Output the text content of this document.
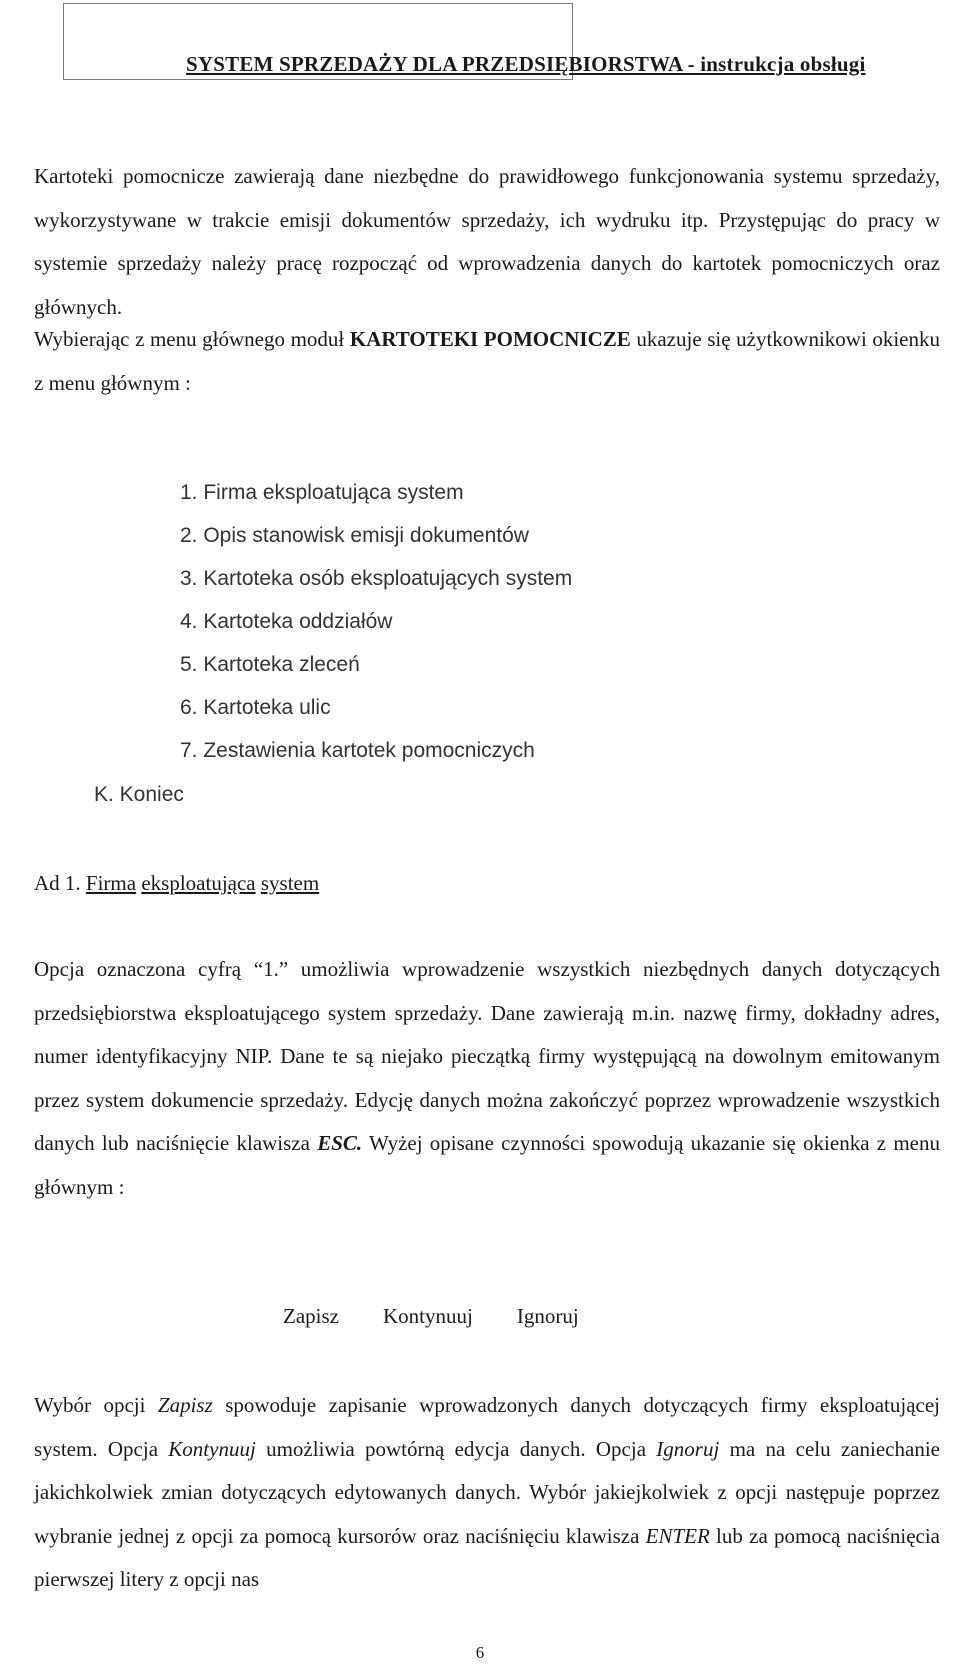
SYSTEM SPRZEDAŻY DLA PRZEDSIĘBIORSTWA - instrukcja obsługi

Kartoteki pomocnicze zawierają dane niezbędne do prawidłowego funkcjonowania systemu sprzedaży, wykorzystywane w trakcie emisji dokumentów sprzedaży, ich wydruku itp. Przystępując do pracy w systemie sprzedaży należy pracę rozpocząć od wprowadzenia danych do kartotek pomocniczych oraz głównych.

Wybierając z menu głównego moduł KARTOTEKI POMOCNICZE ukazuje się użytkownikowi okienku z menu głównym :

1. Firma eksploatująca system
2. Opis stanowisk emisji dokumentów
3. Kartoteka osób eksploatujących system
4. Kartoteka oddziałów
5. Kartoteka zleceń
6. Kartoteka ulic
7. Zestawienia kartotek pomocniczych

K. Koniec

Ad 1. Firma eksploatująca system

Opcja oznaczona cyfrą “1.” umożliwia wprowadzenie wszystkich niezbędnych danych dotyczących przedsiębiorstwa eksploatującego system sprzedaży. Dane zawierają m.in. nazwę firmy, dokładny adres, numer identyfikacyjny NIP. Dane te są niejako pieczątką firmy występującą na dowolnym emitowanym przez system dokumencie sprzedaży. Edycję danych można zakończyć poprzez wprowadzenie wszystkich danych lub naciśnięcie klawisza ESC. Wyżej opisane czynności spowodują ukazanie się okienka z menu głównym :

Zapisz Kontynuuj Ignoruj

Wybór opcji Zapisz spowoduje zapisanie wprowadzonych danych dotyczących firmy eksploatującej system. Opcja Kontynuuj umożliwia powtórną edycja danych. Opcja Ignoruj ma na celu zaniechanie jakichkolwiek zmian dotyczących edytowanych danych. Wybór jakiejkolwiek z opcji następuje poprzez wybranie jednej z opcji za pomocą kursorów oraz naciśnięciu klawisza ENTER lub za pomocą naciśnięcia pierwszej litery z opcji nas

6
